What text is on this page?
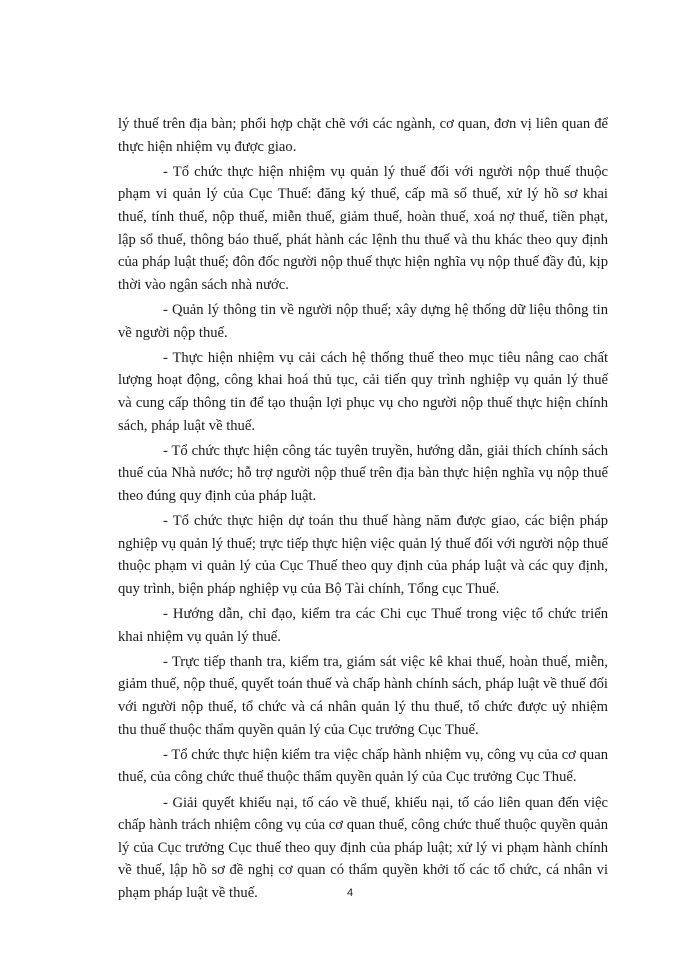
lý thuế trên địa bàn; phối hợp chặt chẽ với các ngành, cơ quan, đơn vị liên quan để thực hiện nhiệm vụ được giao.

- Tổ chức thực hiện nhiệm vụ quản lý thuế đối với người nộp thuế thuộc phạm vi quản lý của Cục Thuế: đăng ký thuế, cấp mã số thuế, xử lý hồ sơ khai thuế, tính thuế, nộp thuế, miễn thuế, giảm thuế, hoàn thuế, xoá nợ thuế, tiền phạt, lập sổ thuế, thông báo thuế, phát hành các lệnh thu thuế và thu khác theo quy định của pháp luật thuế; đôn đốc người nộp thuế thực hiện nghĩa vụ nộp thuế đầy đủ, kịp thời vào ngân sách nhà nước.

- Quản lý thông tin về người nộp thuế; xây dựng hệ thống dữ liệu thông tin về người nộp thuế.

- Thực hiện nhiệm vụ cải cách hệ thống thuế theo mục tiêu nâng cao chất lượng hoạt động, công khai hoá thủ tục, cải tiến quy trình nghiệp vụ quản lý thuế và cung cấp thông tin để tạo thuận lợi phục vụ cho người nộp thuế thực hiện chính sách, pháp luật về thuế.

- Tổ chức thực hiện công tác tuyên truyền, hướng dẫn, giải thích chính sách thuế của Nhà nước; hỗ trợ người nộp thuế trên địa bàn thực hiện nghĩa vụ nộp thuế theo đúng quy định của pháp luật.

- Tổ chức thực hiện dự toán thu thuế hàng năm được giao, các biện pháp nghiệp vụ quản lý thuế; trực tiếp thực hiện việc quản lý thuế đối với người nộp thuế thuộc phạm vi quản lý của Cục Thuế theo quy định của pháp luật và các quy định, quy trình, biện pháp nghiệp vụ của Bộ Tài chính, Tổng cục Thuế.

- Hướng dẫn, chỉ đạo, kiểm tra các Chi cục Thuế trong việc tổ chức triển khai nhiệm vụ quản lý thuế.

- Trực tiếp thanh tra, kiểm tra, giám sát việc kê khai thuế, hoàn thuế, miễn, giảm thuế, nộp thuế, quyết toán thuế và chấp hành chính sách, pháp luật về thuế đối với người nộp thuế, tổ chức và cá nhân quản lý thu thuế, tổ chức được uỷ nhiệm thu thuế thuộc thẩm quyền quản lý của Cục trưởng Cục Thuế.

- Tổ chức thực hiện kiểm tra việc chấp hành nhiệm vụ, công vụ của cơ quan thuế, của công chức thuế thuộc thẩm quyền quản lý của Cục trưởng Cục Thuế.

- Giải quyết khiếu nại, tố cáo về thuế, khiếu nại, tố cáo liên quan đến việc chấp hành trách nhiệm công vụ của cơ quan thuế, công chức thuế thuộc quyền quản lý của Cục trưởng Cục thuế theo quy định của pháp luật; xử lý vi phạm hành chính về thuế, lập hồ sơ đề nghị cơ quan có thẩm quyền khởi tố các tổ chức, cá nhân vi phạm pháp luật về thuế.	4
